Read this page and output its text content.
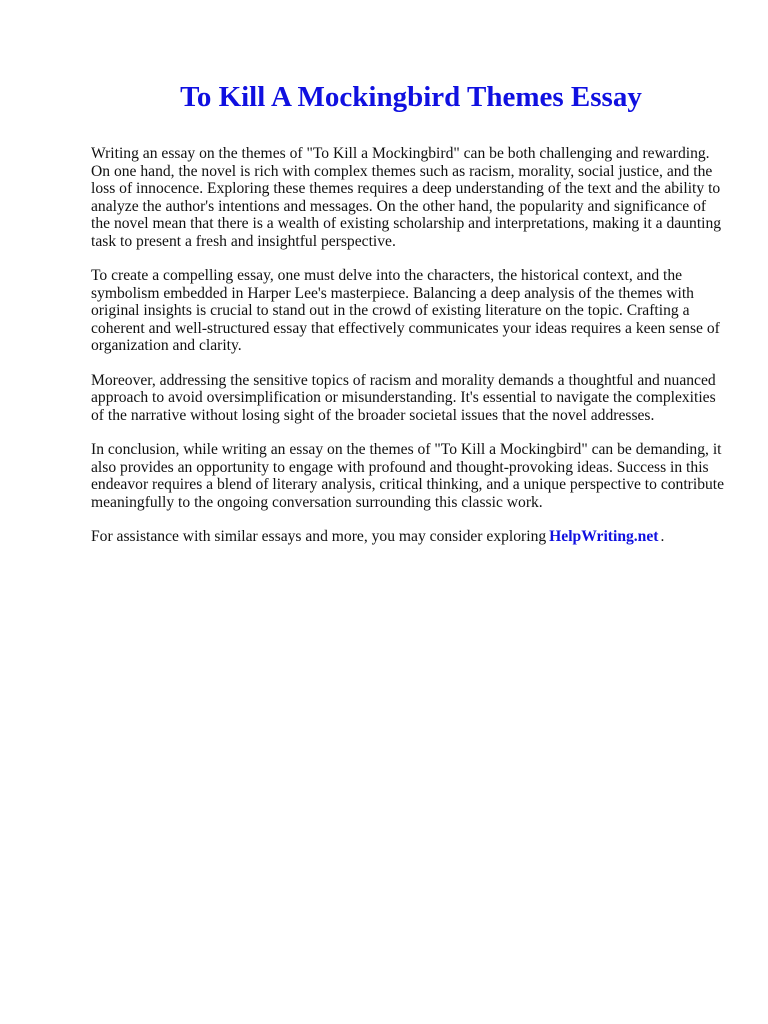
To Kill A Mockingbird Themes Essay

Writing an essay on the themes of "To Kill a Mockingbird" can be both challenging and rewarding.
On one hand, the novel is rich with complex themes such as racism, morality, social justice, and the
loss of innocence. Exploring these themes requires a deep understanding of the text and the ability to
analyze the author's intentions and messages. On the other hand, the popularity and significance of
the novel mean that there is a wealth of existing scholarship and interpretations, making it a daunting
task to present a fresh and insightful perspective.

To create a compelling essay, one must delve into the characters, the historical context, and the
symbolism embedded in Harper Lee's masterpiece. Balancing a deep analysis of the themes with
original insights is crucial to stand out in the crowd of existing literature on the topic. Crafting a
coherent and well-structured essay that effectively communicates your ideas requires a keen sense of
organization and clarity.

Moreover, addressing the sensitive topics of racism and morality demands a thoughtful and nuanced
approach to avoid oversimplification or misunderstanding. It's essential to navigate the complexities
of the narrative without losing sight of the broader societal issues that the novel addresses.

In conclusion, while writing an essay on the themes of "To Kill a Mockingbird" can be demanding, it
also provides an opportunity to engage with profound and thought-provoking ideas. Success in this
endeavor requires a blend of literary analysis, critical thinking, and a unique perspective to contribute
meaningfully to the ongoing conversation surrounding this classic work.

For assistance with similar essays and more, you may consider exploring HelpWriting.net .
